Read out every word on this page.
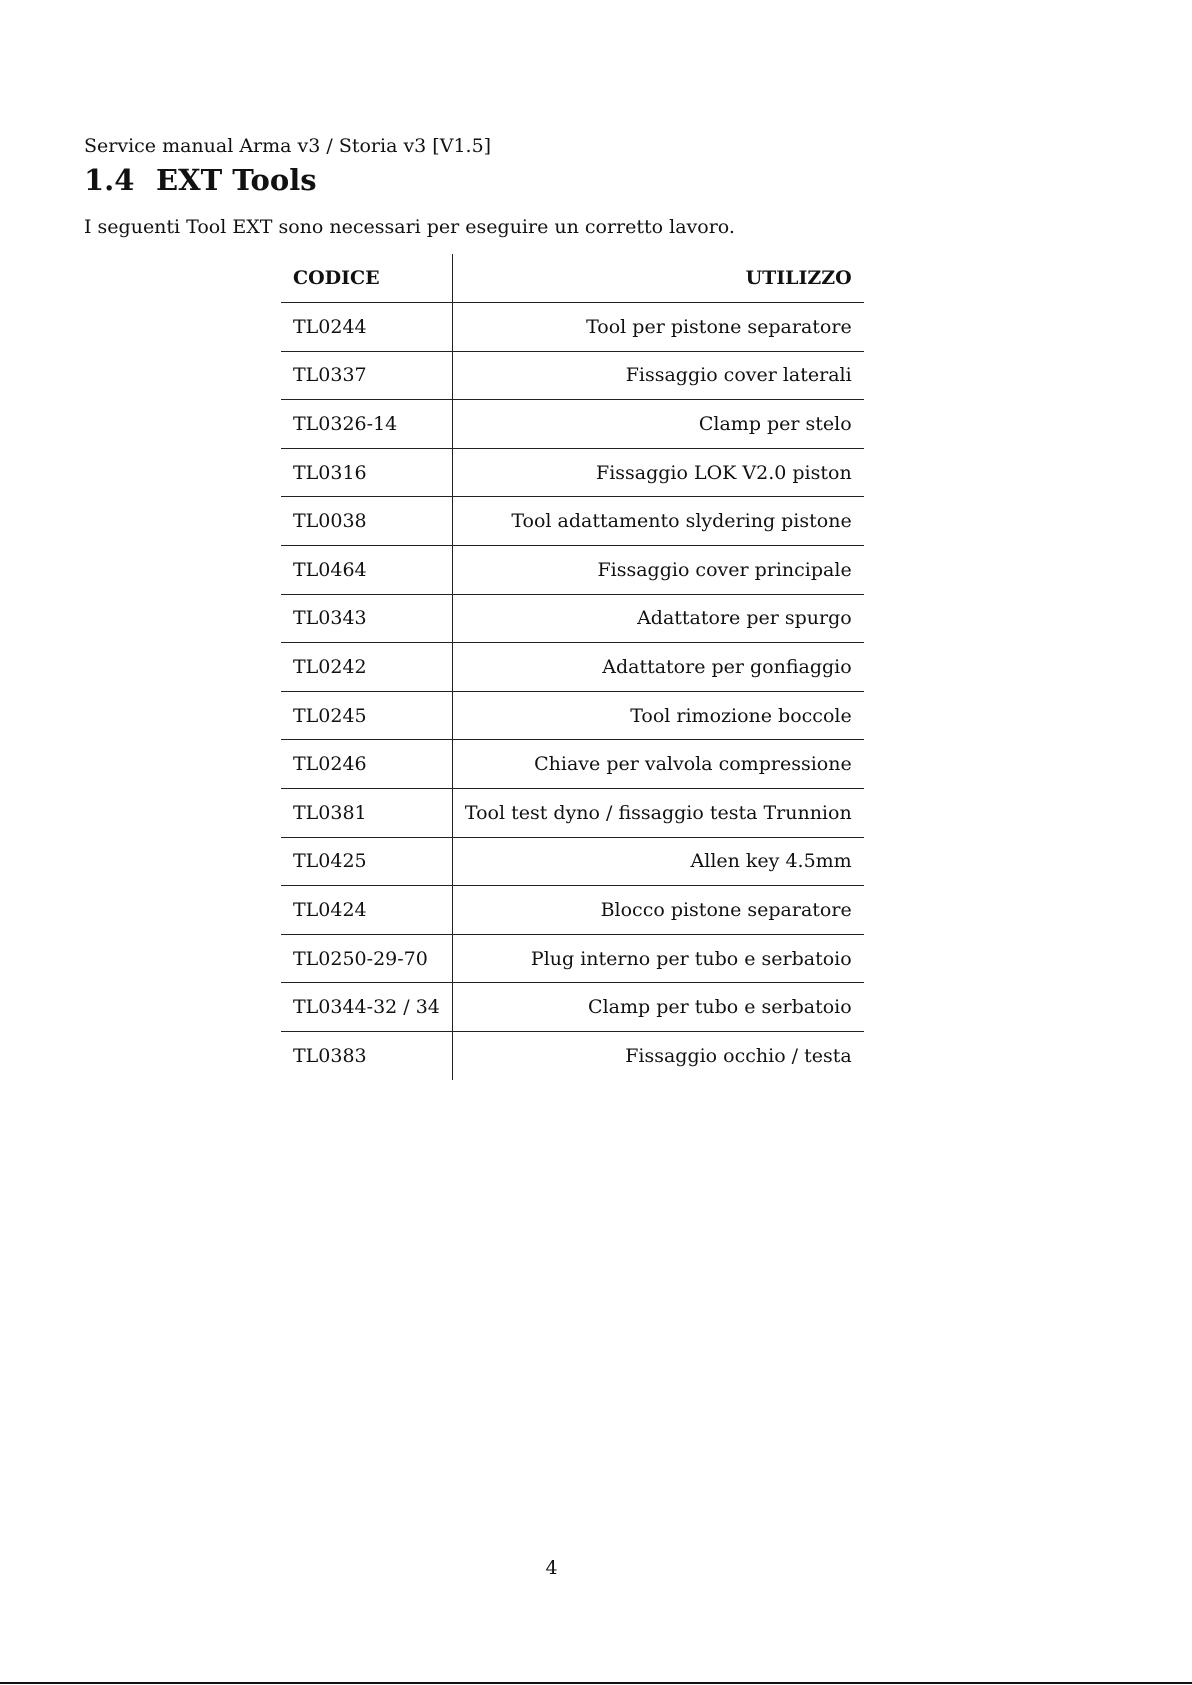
Service manual Arma v3 / Storia v3 [V1.5]
1.4 EXT Tools
I seguenti Tool EXT sono necessari per eseguire un corretto lavoro.
CODICE	UTILIZZO
TL0244	Tool per pistone separatore
TL0337	Fissaggio cover laterali
TL0326-14	Clamp per stelo
TL0316	Fissaggio LOK V2.0 piston
TL0038	Tool adattamento slydering pistone
TL0464	Fissaggio cover principale
TL0343	Adattatore per spurgo
TL0242	Adattatore per gonfiaggio
TL0245	Tool rimozione boccole
TL0246	Chiave per valvola compressione
TL0381	Tool test dyno / fissaggio testa Trunnion
TL0425	Allen key 4.5mm
TL0424	Blocco pistone separatore
TL0250-29-70	Plug interno per tubo e serbatoio
TL0344-32 / 34	Clamp per tubo e serbatoio
TL0383	Fissaggio occhio / testa
4
